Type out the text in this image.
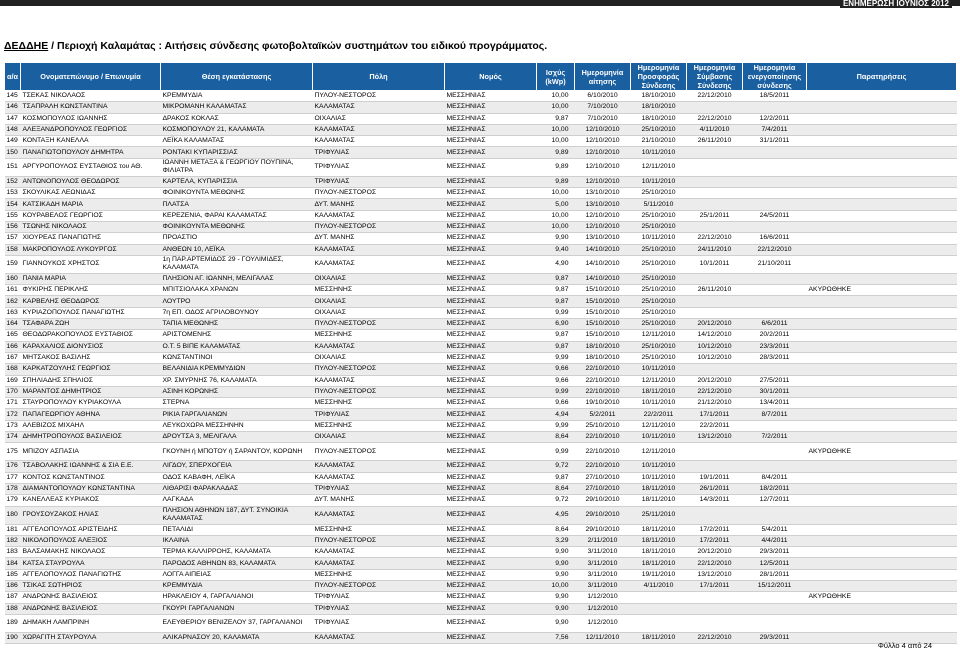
ΕΝΗΜΕΡΩΣΗ ΙΟΥΝΙΟΣ 2012
ΔΕΔΔΗΕ / Περιοχή Καλαμάτας : Αιτήσεις σύνδεσης φωτοβολταϊκών συστημάτων του ειδικού προγράμματος.
α/α	Ονοματεπώνυμο / Επωνυμία	Θέση εγκατάστασης	Πόλη	Νομός	Ισχύς (kWp)	Ημερομηνία αίτησης	Ημερομηνία Προσφοράς Σύνδεσης	Ημερομηνία Σύμβασης Σύνδεσης	Ημερομηνία ενεργοποίησης σύνδεσης	Παρατηρήσεις
145	ΤΣΕΚΑΣ ΝΙΚΟΛΑΟΣ	ΚΡΕΜΜΥΔΙΑ	ΠΥΛΟΥ-ΝΕΣΤΟΡΟΣ	ΜΕΣΣΗΝΙΑΣ	10,00	6/10/2010	18/10/2010	22/12/2010	18/5/2011	
146	ΤΣΑΠΡΑΛΗ ΚΩΝΣΤΑΝΤΙΝΑ	ΜΙΚΡΟΜΑΝΗ ΚΑΛΑΜΑΤΑΣ	ΚΑΛΑΜΑΤΑΣ	ΜΕΣΣΗΝΙΑΣ	10,00	7/10/2010	18/10/2010			
147	ΚΟΣΜΟΠΟΥΛΟΣ ΙΩΑΝΝΗΣ	ΔΡΑΚΟΣ ΚΟΚΛΑΣ	ΟΙΧΑΛΙΑΣ	ΜΕΣΣΗΝΙΑΣ	9,87	7/10/2010	18/10/2010	22/12/2010	12/2/2011	
148	ΑΛΕΞΑΝΔΡΟΠΟΥΛΟΣ ΓΕΩΡΓΙΟΣ	ΚΟΣΜΟΠΟΥΛΟΥ 21, ΚΑΛΑΜΑΤΑ	ΚΑΛΑΜΑΤΑΣ	ΜΕΣΣΗΝΙΑΣ	10,00	12/10/2010	25/10/2010	4/11/2010	7/4/2011	
149	ΚΟΝΤΑΞΗ ΚΑΝΕΛΛΑ	ΛΕΪΚΑ ΚΑΛΑΜΑΤΑΣ	ΚΑΛΑΜΑΤΑΣ	ΜΕΣΣΗΝΙΑΣ	10,00	12/10/2010	21/10/2010	26/11/2010	31/1/2011	
150	ΠΑΝΑΓΙΩΤΟΠΟΥΛΟΥ ΔΗΜΗΤΡΑ	ΡΟΝΤΑΚΙ ΚΥΠΑΡΙΣΣΙΑΣ	ΤΡΙΦΥΛΙΑΣ	ΜΕΣΣΗΝΙΑΣ	9,89	12/10/2010	10/11/2010			
151	ΑΡΓΥΡΟΠΟΥΛΟΣ ΕΥΣΤΑΘΙΟΣ του ΑΘ.	ΙΩΑΝΝΗ ΜΕΤΑΞΑ & ΓΕΩΡΓΙΟΥ ΠΟΥΠΙΝΑ, ΦΙΛΙΑΤΡΑ	ΤΡΙΦΥΛΙΑΣ	ΜΕΣΣΗΝΙΑΣ	9,89	12/10/2010	12/11/2010			
152	ΑΝΤΩΝΟΠΟΥΛΟΣ ΘΕΟΔΩΡΟΣ	ΚΑΡΤΕΛΑ, ΚΥΠΑΡΙΣΣΙΑ	ΤΡΙΦΥΛΙΑΣ	ΜΕΣΣΗΝΙΑΣ	9,89	12/10/2010	10/11/2010			
153	ΣΚΟΥΛΙΚΑΣ ΛΕΩΝΙΔΑΣ	ΦΟΙΝΙΚΟΥΝΤΑ ΜΕΘΩΝΗΣ	ΠΥΛΟΥ-ΝΕΣΤΟΡΟΣ	ΜΕΣΣΗΝΙΑΣ	10,00	13/10/2010	25/10/2010			
154	ΚΑΤΣΙΚΑΔΗ ΜΑΡΙΑ	ΠΛΑΤΣΑ	ΔΥΤ. ΜΑΝΗΣ	ΜΕΣΣΗΝΙΑΣ	5,00	13/10/2010	5/11/2010			
155	ΚΟΥΡΑΒΕΛΟΣ ΓΕΩΡΓΙΟΣ	ΚΕΡΕΖΕΝΙΑ, ΦΑΡΑΙ ΚΑΛΑΜΑΤΑΣ	ΚΑΛΑΜΑΤΑΣ	ΜΕΣΣΗΝΙΑΣ	10,00	12/10/2010	25/10/2010	25/1/2011	24/5/2011	
156	ΤΣΩΝΗΣ ΝΙΚΟΛΑΟΣ	ΦΟΙΝΙΚΟΥΝΤΑ ΜΕΘΩΝΗΣ	ΠΥΛΟΥ-ΝΕΣΤΟΡΟΣ	ΜΕΣΣΗΝΙΑΣ	10,00	12/10/2010	25/10/2010			
157	ΧΙΟΥΡΕΑΣ ΠΑΝΑΓΙΩΤΗΣ	ΠΡΟΑΣΤΙΟ	ΔΥΤ. ΜΑΝΗΣ	ΜΕΣΣΗΝΙΑΣ	9,90	13/10/2010	10/11/2010	22/12/2010	16/6/2011	
158	ΜΑΚΡΟΠΟΥΛΟΣ ΛΥΚΟΥΡΓΟΣ	ΑΝΘΕΩΝ 10, ΛΕΪΚΑ	ΚΑΛΑΜΑΤΑΣ	ΜΕΣΣΗΝΙΑΣ	9,40	14/10/2010	25/10/2010	24/11/2010	22/12/2010	
159	ΓΙΑΝΝΟΥΚΟΣ ΧΡΗΣΤΟΣ	1η ΠΑΡ.ΑΡΤΕΜΙΔΟΣ 29 - ΓΟΥΛΙΜΙΔΕΣ, ΚΑΛΑΜΑΤΑ	ΚΑΛΑΜΑΤΑΣ	ΜΕΣΣΗΝΙΑΣ	4,90	14/10/2010	25/10/2010	10/1/2011	21/10/2011	
160	ΠΑΝΙΑ ΜΑΡΙΑ	ΠΛΗΣΙΟΝ ΑΓ. ΙΩΑΝΝΗ, ΜΕΛΙΓΑΛΑΣ	ΟΙΧΑΛΙΑΣ	ΜΕΣΣΗΝΙΑΣ	9,87	14/10/2010	25/10/2010			
161	ΦΥΚΙΡΗΣ ΠΕΡΙΚΛΗΣ	ΜΠΙΤΣΙΟΛΑΚΑ ΧΡΑΝΩΝ	ΜΕΣΣΗΝΗΣ	ΜΕΣΣΗΝΙΑΣ	9,87	15/10/2010	25/10/2010	26/11/2010		ΑΚΥΡΩΘΗΚΕ
162	ΚΑΡΒΕΛΗΣ ΘΕΟΔΩΡΟΣ	ΛΟΥΤΡΟ	ΟΙΧΑΛΙΑΣ	ΜΕΣΣΗΝΙΑΣ	9,87	15/10/2010	25/10/2010			
163	ΚΥΡΙΑΖΟΠΟΥΛΟΣ ΠΑΝΑΓΙΩΤΗΣ	7η ΕΠ. ΟΔΟΣ ΑΓΡΙΛΟΒΟΥΝΟΥ	ΟΙΧΑΛΙΑΣ	ΜΕΣΣΗΝΙΑΣ	9,99	15/10/2010	25/10/2010			
164	ΤΣΑΦΑΡΑ ΖΩΗ	ΤΑΠΙΑ ΜΕΘΩΝΗΣ	ΠΥΛΟΥ-ΝΕΣΤΟΡΟΣ	ΜΕΣΣΗΝΙΑΣ	6,90	15/10/2010	25/10/2010	20/12/2010	6/6/2011	
165	ΘΕΟΔΩΡΑΚΟΠΟΥΛΟΣ ΕΥΣΤΑΘΙΟΣ	ΑΡΙΣΤΟΜΕΝΗΣ	ΜΕΣΣΗΝΗΣ	ΜΕΣΣΗΝΙΑΣ	9,87	15/10/2010	12/11/2010	14/12/2010	20/2/2011	
166	ΚΑΡΑΧΑΛΙΟΣ ΔΙΟΝΥΣΙΟΣ	Ο.Τ. 5 ΒΙΠΕ ΚΑΛΑΜΑΤΑΣ	ΚΑΛΑΜΑΤΑΣ	ΜΕΣΣΗΝΙΑΣ	9,87	18/10/2010	25/10/2010	10/12/2010	23/3/2011	
167	ΜΗΤΣΑΚΟΣ ΒΑΣΙΛΗΣ	ΚΩΝΣΤΑΝΤΙΝΟΙ	ΟΙΧΑΛΙΑΣ	ΜΕΣΣΗΝΙΑΣ	9,99	18/10/2010	25/10/2010	10/12/2010	28/3/2011	
168	ΚΑΡΚΑΤΖΟΥΛΗΣ ΓΕΩΡΓΙΟΣ	ΒΕΛΑΝΙΔΙΑ ΚΡΕΜΜΥΔΙΩΝ	ΠΥΛΟΥ-ΝΕΣΤΟΡΟΣ	ΜΕΣΣΗΝΙΑΣ	9,66	22/10/2010	10/11/2010			
169	ΣΠΗΛΙΑΔΗΣ ΣΠΗΛΙΟΣ	ΧΡ. ΣΜΥΡΝΗΣ 76, ΚΑΛΑΜΑΤΑ	ΚΑΛΑΜΑΤΑΣ	ΜΕΣΣΗΝΙΑΣ	9,66	22/10/2010	12/11/2010	20/12/2010	27/5/2011	
170	ΜΑΡΑΝΤΟΣ ΔΗΜΗΤΡΙΟΣ	ΑΣΙΝΗ ΚΟΡΩΝΗΣ	ΠΥΛΟΥ-ΝΕΣΤΟΡΟΣ	ΜΕΣΣΗΝΙΑΣ	9,99	22/10/2010	18/11/2010	22/12/2010	30/1/2011	
171	ΣΤΑΥΡΟΠΟΥΛΟΥ ΚΥΡΙΑΚΟΥΛΑ	ΣΤΕΡΝΑ	ΜΕΣΣΗΝΗΣ	ΜΕΣΣΗΝΙΑΣ	9,66	19/10/2010	10/11/2010	21/12/2010	13/4/2011	
172	ΠΑΠΑΓΕΩΡΓΙΟΥ ΑΘΗΝΑ	ΡΙΚΙΑ ΓΑΡΓΑΛΙΑΝΩΝ	ΤΡΙΦΥΛΙΑΣ	ΜΕΣΣΗΝΙΑΣ	4,94	5/2/2011	22/2/2011	17/1/2011	8/7/2011	
173	ΑΛΕΒΙΖΟΣ ΜΙΧΑΗΛ	ΛΕΥΚΟΧΩΡΑ ΜΕΣΣΗΝΗΝ	ΜΕΣΣΗΝΗΣ	ΜΕΣΣΗΝΙΑΣ	9,99	25/10/2010	12/11/2010	22/2/2011		
174	ΔΗΜΗΤΡΟΠΟΥΛΟΣ ΒΑΣΙΛΕΙΟΣ	ΔΡΟΥΤΣΑ 3, ΜΕΛΙΓΑΛΑ	ΟΙΧΑΛΙΑΣ	ΜΕΣΣΗΝΙΑΣ	8,64	22/10/2010	10/11/2010	13/12/2010	7/2/2011	
175	ΜΠΙΖΟΥ ΑΣΠΑΣΙΑ	ΓΚΟΥΝΗ ή ΜΠΟΤΟΥ ή ΣΑΡΑΝΤΟΥ, ΚΟΡΩΝΗ	ΠΥΛΟΥ-ΝΕΣΤΟΡΟΣ	ΜΕΣΣΗΝΙΑΣ	9,99	22/10/2010	12/11/2010			ΑΚΥΡΩΘΗΚΕ
176	ΤΣΑΒΟΛΑΚΗΣ ΙΩΑΝΝΗΣ & ΣΙΑ Ε.Ε.	ΛΙΓΔΟΥ, ΣΠΕΡΧΟΓΕΙΑ	ΚΑΛΑΜΑΤΑΣ	ΜΕΣΣΗΝΙΑΣ	9,72	22/10/2010	10/11/2010			
177	ΚΟΝΤΟΣ ΚΩΝΣΤΑΝΤΙΝΟΣ	ΟΔΟΣ ΚΑΒΑΦΗ, ΛΕΪΚΑ	ΚΑΛΑΜΑΤΑΣ	ΜΕΣΣΗΝΙΑΣ	9,87	27/10/2010	10/11/2010	19/1/2011	8/4/2011	
178	ΔΙΑΜΑΝΤΟΠΟΥΛΟΥ ΚΩΝΣΤΑΝΤΙΝΑ	ΛΙΘΑΡΙΣΙ ΦΑΡΑΚΛΑΔΑΣ	ΤΡΙΦΥΛΙΑΣ	ΜΕΣΣΗΝΙΑΣ	8,64	27/10/2010	18/11/2010	26/1/2011	18/2/2011	
179	ΚΑΝΕΛΛΕΑΣ ΚΥΡΙΑΚΟΣ	ΛΑΓΚΑΔΑ	ΔΥΤ. ΜΑΝΗΣ	ΜΕΣΣΗΝΙΑΣ	9,72	29/10/2010	18/11/2010	14/3/2011	12/7/2011	
180	ΓΡΟΥΣΟΥΖΑΚΟΣ ΗΛΙΑΣ	ΠΛΗΣΙΟΝ ΑΘΗΝΩΝ 187, ΔΥΤ. ΣΥΝΟΙΚΙΑ ΚΑΛΑΜΑΤΑΣ	ΚΑΛΑΜΑΤΑΣ	ΜΕΣΣΗΝΙΑΣ	4,95	29/10/2010	25/11/2010			
181	ΑΓΓΕΛΟΠΟΥΛΟΣ ΑΡΙΣΤΕΙΔΗΣ	ΠΕΤΑΛΙΔΙ	ΜΕΣΣΗΝΗΣ	ΜΕΣΣΗΝΙΑΣ	8,64	29/10/2010	18/11/2010	17/2/2011	5/4/2011	
182	ΝΙΚΟΛΟΠΟΥΛΟΣ ΑΛΕΞΙΟΣ	ΙΚΛΑΙΝΑ	ΠΥΛΟΥ-ΝΕΣΤΟΡΟΣ	ΜΕΣΣΗΝΙΑΣ	3,29	2/11/2010	18/11/2010	17/2/2011	4/4/2011	
183	ΒΑΛΣΑΜΑΚΗΣ ΝΙΚΟΛΑΟΣ	ΤΕΡΜΑ ΚΑΛΛΙΡΡΟΗΣ, ΚΑΛΑΜΑΤΑ	ΚΑΛΑΜΑΤΑΣ	ΜΕΣΣΗΝΙΑΣ	9,90	3/11/2010	18/11/2010	20/12/2010	29/3/2011	
184	ΚΑΤΣΑ ΣΤΑΥΡΟΥΛΑ	ΠΑΡΟΔΟΣ ΑΘΗΝΩΝ 83, ΚΑΛΑΜΑΤΑ	ΚΑΛΑΜΑΤΑΣ	ΜΕΣΣΗΝΙΑΣ	9,90	3/11/2010	18/11/2010	22/12/2010	12/5/2011	
185	ΑΓΓΕΛΟΠΟΥΛΟΣ ΠΑΝΑΓΙΩΤΗΣ	ΛΟΓΓΑ ΑΙΠΕΙΑΣ	ΜΕΣΣΗΝΗΣ	ΜΕΣΣΗΝΙΑΣ	9,90	3/11/2010	19/11/2010	13/12/2010	28/1/2011	
186	ΤΣΙΚΑΣ ΣΩΤΗΡΙΟΣ	ΚΡΕΜΜΥΔΙΑ	ΠΥΛΟΥ-ΝΕΣΤΟΡΟΣ	ΜΕΣΣΗΝΙΑΣ	10,00	3/11/2010	4/11/2010	17/1/2011	15/12/2011	
187	ΑΝΔΡΩΝΗΣ ΒΑΣΙΛΕΙΟΣ	ΗΡΑΚΛΕΙΟΥ 4, ΓΑΡΓΑΛΙΑΝΟΙ	ΤΡΙΦΥΛΙΑΣ	ΜΕΣΣΗΝΙΑΣ	9,90	1/12/2010				ΑΚΥΡΩΘΗΚΕ
188	ΑΝΔΡΩΝΗΣ ΒΑΣΙΛΕΙΟΣ	ΓΚΟΥΡΙ ΓΑΡΓΑΛΙΑΝΩΝ	ΤΡΙΦΥΛΙΑΣ	ΜΕΣΣΗΝΙΑΣ	9,90	1/12/2010				
189	ΔΗΜΑΚΗ ΛΑΜΠΡΙΝΗ	ΕΛΕΥΘΕΡΙΟΥ ΒΕΝΙΖΕΛΟΥ 37, ΓΑΡΓΑΛΙΑΝΟΙ	ΤΡΙΦΥΛΙΑΣ	ΜΕΣΣΗΝΙΑΣ	9,90	1/12/2010				
190	ΧΩΡΑΓΙΤΗ ΣΤΑΥΡΟΥΛΑ	ΑΛΙΚΑΡΝΑΣΟΥ 20, ΚΑΛΑΜΑΤΑ	ΚΑΛΑΜΑΤΑΣ	ΜΕΣΣΗΝΙΑΣ	7,56	12/11/2010	18/11/2010	22/12/2010	29/3/2011	
Φύλλο 4 από 24
